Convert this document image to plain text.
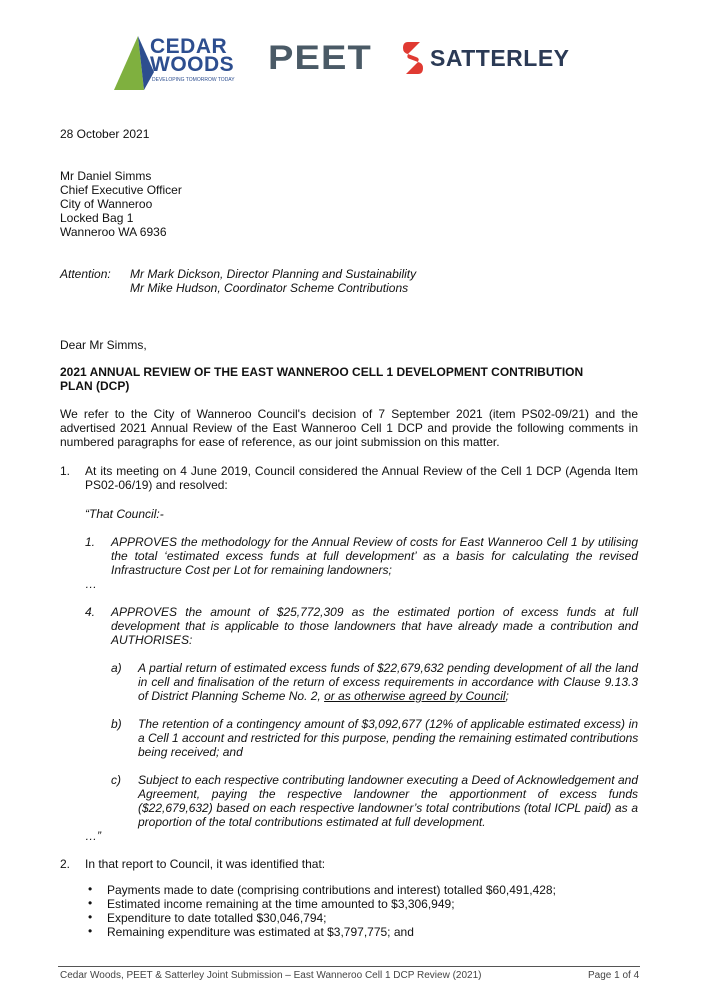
CEDAR
WOODS
DEVELOPING TOMORROW TODAY
PEET	SATTERLEY
28 October 2021
Mr Daniel Simms
Chief Executive Officer
City of Wanneroo
Locked Bag 1
Wanneroo WA 6936
Attention: Mr Mark Dickson, Director Planning and Sustainability
Mr Mike Hudson, Coordinator Scheme Contributions
Dear Mr Simms,
2021 ANNUAL REVIEW OF THE EAST WANNEROO CELL 1 DEVELOPMENT CONTRIBUTION
PLAN (DCP)
We refer to the City of Wanneroo Council's decision of 7 September 2021 (item PS02-09/21) and the
advertised 2021 Annual Review of the East Wanneroo Cell 1 DCP and provide the following comments in
numbered paragraphs for ease of reference, as our joint submission on this matter.
1. At its meeting on 4 June 2019, Council considered the Annual Review of the Cell 1 DCP (Agenda Item
PS02-06/19) and resolved:
“That Council:-
1. APPROVES the methodology for the Annual Review of costs for East Wanneroo Cell 1 by utilising
the total ‘estimated excess funds at full development’ as a basis for calculating the revised
Infrastructure Cost per Lot for remaining landowners;
…
4. APPROVES the amount of $25,772,309 as the estimated portion of excess funds at full
development that is applicable to those landowners that have already made a contribution and
AUTHORISES:
a) A partial return of estimated excess funds of $22,679,632 pending development of all the land
in cell and finalisation of the return of excess requirements in accordance with Clause 9.13.3
of District Planning Scheme No. 2, or as otherwise agreed by Council;
b) The retention of a contingency amount of $3,092,677 (12% of applicable estimated excess) in
a Cell 1 account and restricted for this purpose, pending the remaining estimated contributions
being received; and
c) Subject to each respective contributing landowner executing a Deed of Acknowledgement and
Agreement, paying the respective landowner the apportionment of excess funds
($22,679,632) based on each respective landowner’s total contributions (total ICPL paid) as a
proportion of the total contributions estimated at full development.
…”
2. In that report to Council, it was identified that:
• Payments made to date (comprising contributions and interest) totalled $60,491,428;
• Estimated income remaining at the time amounted to $3,306,949;
• Expenditure to date totalled $30,046,794;
• Remaining expenditure was estimated at $3,797,775; and
Cedar Woods, PEET & Satterley Joint Submission – East Wanneroo Cell 1 DCP Review (2021)	Page 1 of 4
